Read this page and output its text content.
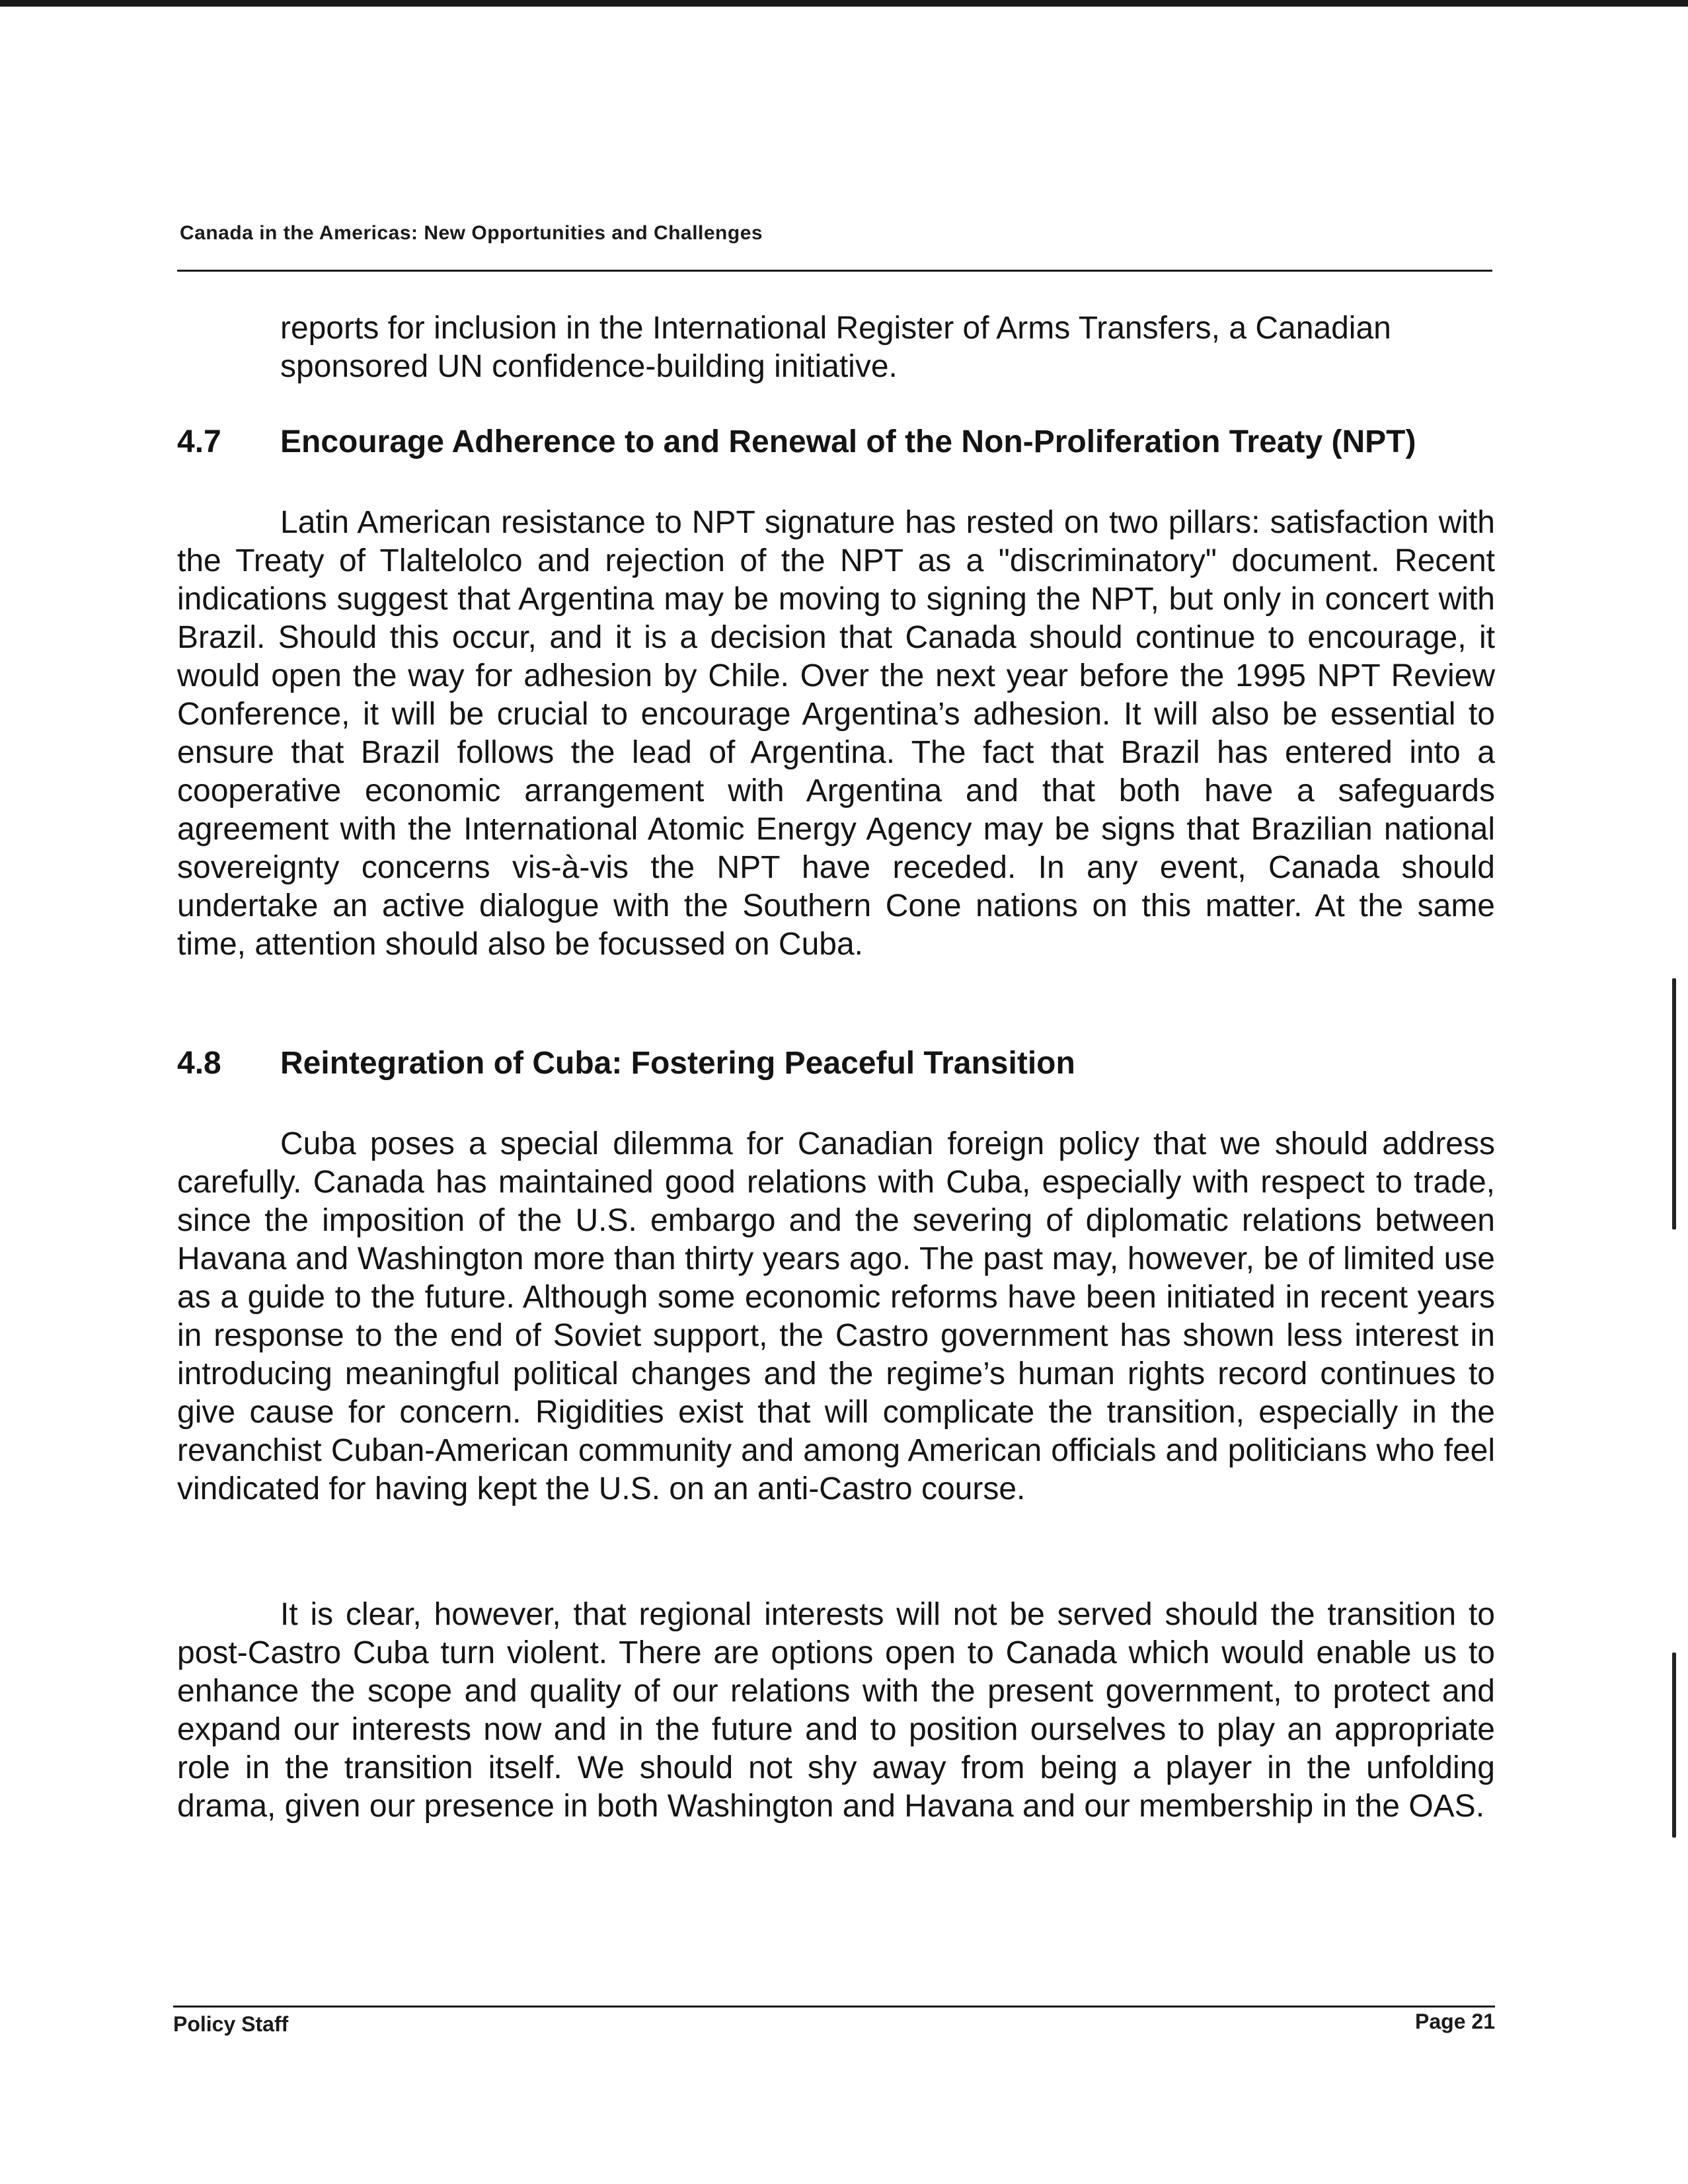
Canada in the Americas: New Opportunities and Challenges
reports for inclusion in the International Register of Arms Transfers, a Canadian sponsored UN confidence-building initiative.
4.7 Encourage Adherence to and Renewal of the Non-Proliferation Treaty (NPT)
Latin American resistance to NPT signature has rested on two pillars: satisfaction with the Treaty of Tlaltelolco and rejection of the NPT as a "discriminatory" document. Recent indications suggest that Argentina may be moving to signing the NPT, but only in concert with Brazil. Should this occur, and it is a decision that Canada should continue to encourage, it would open the way for adhesion by Chile. Over the next year before the 1995 NPT Review Conference, it will be crucial to encourage Argentina’s adhesion. It will also be essential to ensure that Brazil follows the lead of Argentina. The fact that Brazil has entered into a cooperative economic arrangement with Argentina and that both have a safeguards agreement with the International Atomic Energy Agency may be signs that Brazilian national sovereignty concerns vis-à-vis the NPT have receded. In any event, Canada should undertake an active dialogue with the Southern Cone nations on this matter. At the same time, attention should also be focussed on Cuba.
4.8 Reintegration of Cuba: Fostering Peaceful Transition
Cuba poses a special dilemma for Canadian foreign policy that we should address carefully. Canada has maintained good relations with Cuba, especially with respect to trade, since the imposition of the U.S. embargo and the severing of diplomatic relations between Havana and Washington more than thirty years ago. The past may, however, be of limited use as a guide to the future. Although some economic reforms have been initiated in recent years in response to the end of Soviet support, the Castro government has shown less interest in introducing meaningful political changes and the regime’s human rights record continues to give cause for concern. Rigidities exist that will complicate the transition, especially in the revanchist Cuban-American community and among American officials and politicians who feel vindicated for having kept the U.S. on an anti-Castro course.
It is clear, however, that regional interests will not be served should the transition to post-Castro Cuba turn violent. There are options open to Canada which would enable us to enhance the scope and quality of our relations with the present government, to protect and expand our interests now and in the future and to position ourselves to play an appropriate role in the transition itself. We should not shy away from being a player in the unfolding drama, given our presence in both Washington and Havana and our membership in the OAS.
Policy Staff	Page 21
